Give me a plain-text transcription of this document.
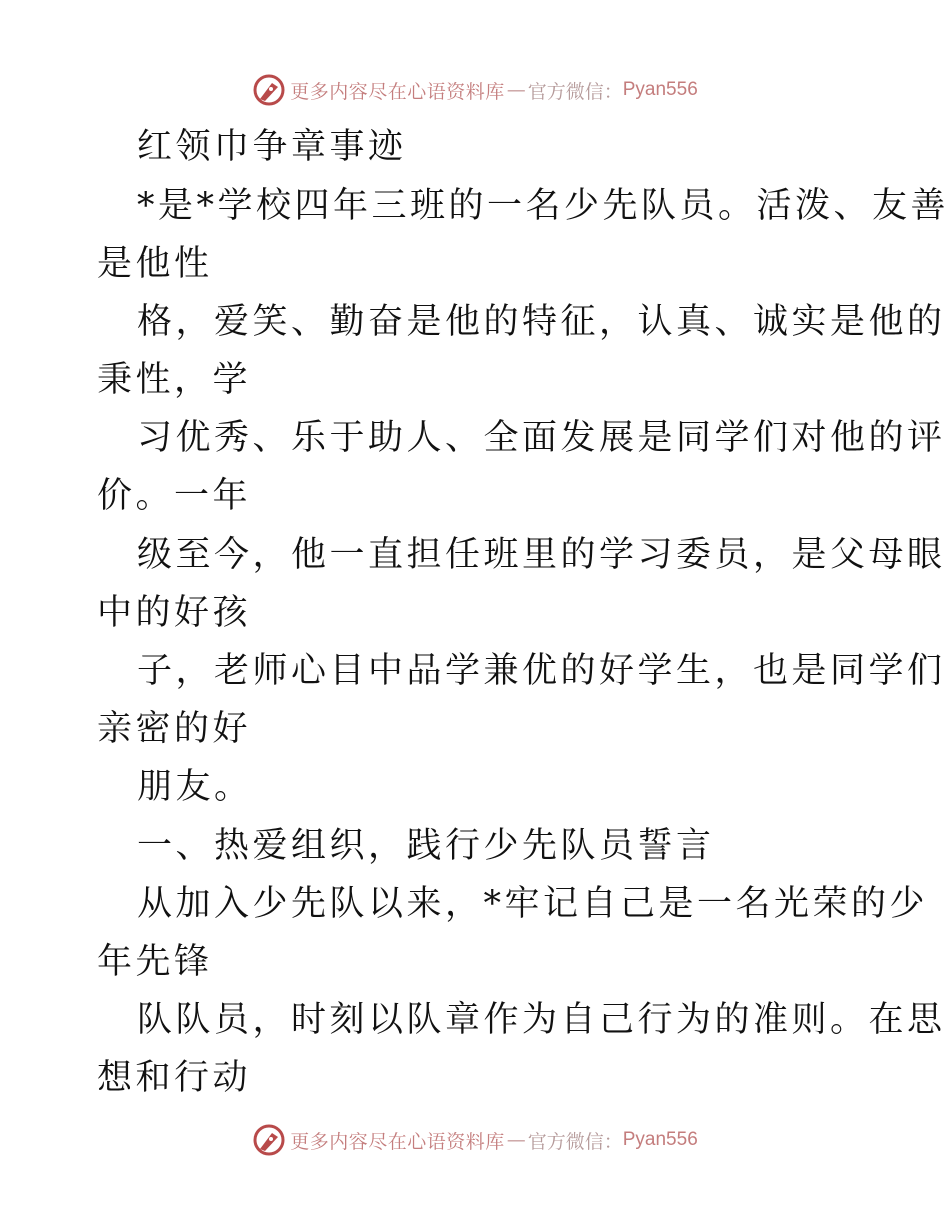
更多内容尽在心语资料库 — 官方微信： Pyan556
红领巾争章事迹
*是*学校四年三班的一名少先队员。活泼、友善
是他性
格，爱笑、勤奋是他的特征，认真、诚实是他的
秉性，学
习优秀、乐于助人、全面发展是同学们对他的评
价。一年
级至今，他一直担任班里的学习委员，是父母眼
中的好孩
子，老师心目中品学兼优的好学生，也是同学们
亲密的好
朋友。
一、热爱组织，践行少先队员誓言
从加入少先队以来，*牢记自己是一名光荣的少
年先锋
队队员，时刻以队章作为自己行为的准则。在思
想和行动
更多内容尽在心语资料库 — 官方微信： Pyan556
